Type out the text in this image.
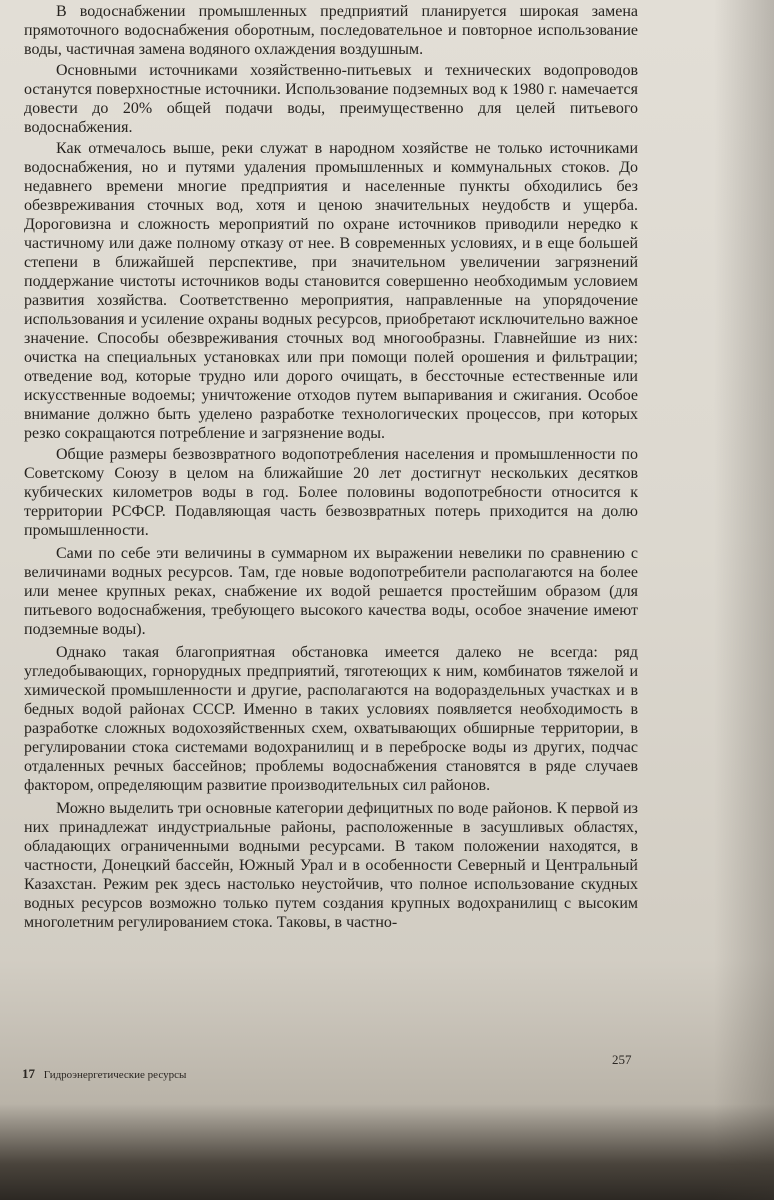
В водоснабжении промышленных предприятий планируется широкая замена прямоточного водоснабжения оборотным, последовательное и повторное использование воды, частичная замена водяного охлаждения воздушным.

Основными источниками хозяйственно-питьевых и технических водопроводов останутся поверхностные источники. Использование подземных вод к 1980 г. намечается довести до 20% общей подачи воды, преимущественно для целей питьевого водоснабжения.

Как отмечалось выше, реки служат в народном хозяйстве не только источниками водоснабжения, но и путями удаления промышленных и коммунальных стоков. До недавнего времени многие предприятия и населенные пункты обходились без обезвреживания сточных вод, хотя и ценою значительных неудобств и ущерба. Дороговизна и сложность мероприятий по охране источников приводили нередко к частичному или даже полному отказу от нее. В современных условиях, и в еще большей степени в ближайшей перспективе, при значительном увеличении загрязнений поддержание чистоты источников воды становится совершенно необходимым условием развития хозяйства. Соответственно мероприятия, направленные на упорядочение использования и усиление охраны водных ресурсов, приобретают исключительно важное значение. Способы обезвреживания сточных вод многообразны. Главнейшие из них: очистка на специальных установках или при помощи полей орошения и фильтрации; отведение вод, которые трудно или дорого очищать, в бессточные естественные или искусственные водоемы; уничтожение отходов путем выпаривания и сжигания. Особое внимание должно быть уделено разработке технологических процессов, при которых резко сокращаются потребление и загрязнение воды.

Общие размеры безвозвратного водопотребления населения и промышленности по Советскому Союзу в целом на ближайшие 20 лет достигнут нескольких десятков кубических километров воды в год. Более половины водопотребности относится к территории РСФСР. Подавляющая часть безвозвратных потерь приходится на долю промышленности.

Сами по себе эти величины в суммарном их выражении невелики по сравнению с величинами водных ресурсов. Там, где новые водопотребители располагаются на более или менее крупных реках, снабжение их водой решается простейшим образом (для питьевого водоснабжения, требующего высокого качества воды, особое значение имеют подземные воды).

Однако такая благоприятная обстановка имеется далеко не всегда: ряд угледобывающих, горнорудных предприятий, тяготеющих к ним, комбинатов тяжелой и химической промышленности и другие, располагаются на водораздельных участках и в бедных водой районах СССР. Именно в таких условиях появляется необходимость в разработке сложных водохозяйственных схем, охватывающих обширные территории, в регулировании стока системами водохранилищ и в переброске воды из других, подчас отдаленных речных бассейнов; проблемы водоснабжения становятся в ряде случаев фактором, определяющим развитие производительных сил районов.

Можно выделить три основные категории дефицитных по воде районов. К первой из них принадлежат индустриальные районы, расположенные в засушливых областях, обладающих ограниченными водными ресурсами. В таком положении находятся, в частности, Донецкий бассейн, Южный Урал и в особенности Северный и Центральный Казахстан. Режим рек здесь настолько неустойчив, что полное использование скудных водных ресурсов возможно только путем создания крупных водохранилищ с высоким многолетним регулированием стока. Таковы, в частно-

257
17 Гидроэнергетические ресурсы
